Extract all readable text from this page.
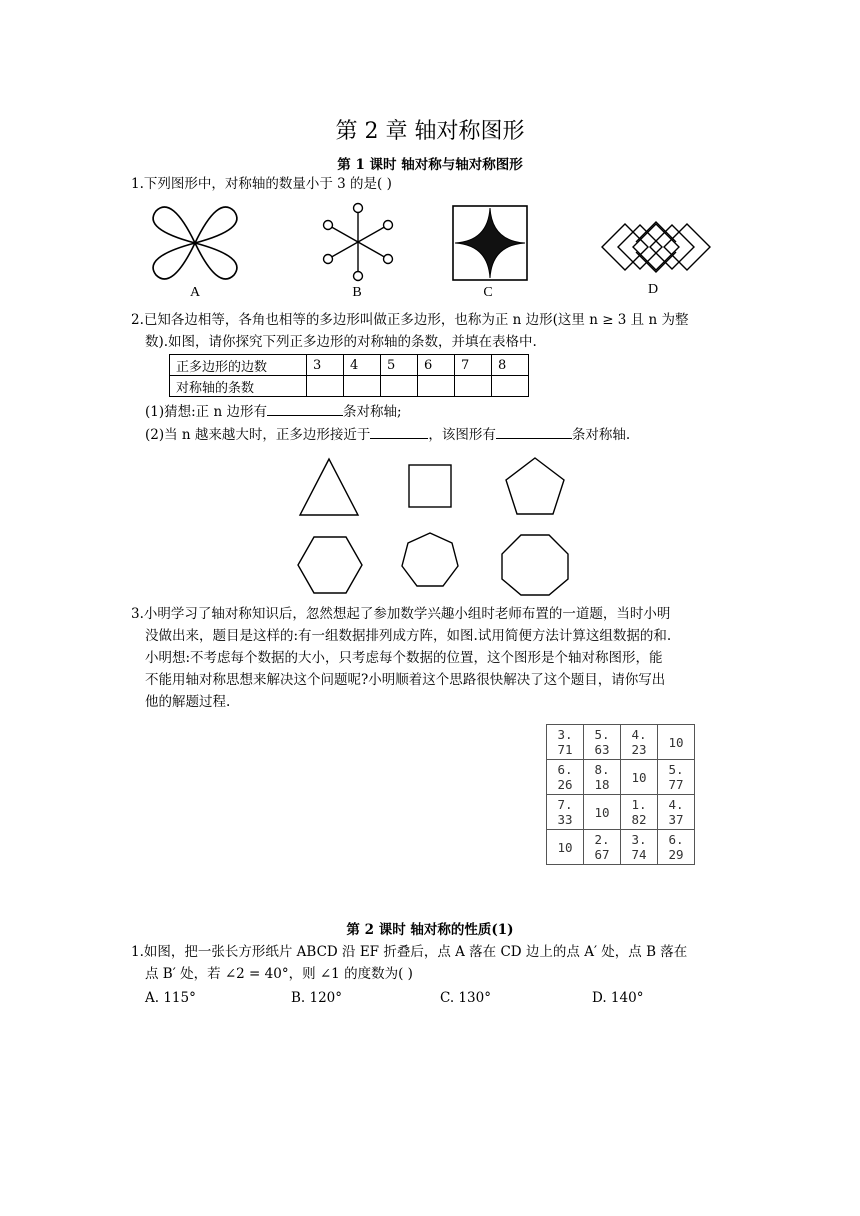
第 2 章 轴对称图形
第 1 课时 轴对称与轴对称图形
1.下列图形中，对称轴的数量小于 3 的是( )
A	B	C	D
2.已知各边相等，各角也相等的多边形叫做正多边形，也称为正 n 边形(这里 n ≥ 3 且 n 为整
数).如图，请你探究下列正多边形的对称轴的条数，并填在表格中.
正多边形的边数	3	4	5	6	7	8
对称轴的条数						
(1)猜想:正 n 边形有	条对称轴;
(2)当 n 越来越大时，正多边形接近于	，该图形有	条对称轴.
3.小明学习了轴对称知识后，忽然想起了参加数学兴趣小组时老师布置的一道题，当时小明
没做出来，题目是这样的:有一组数据排列成方阵，如图.试用简便方法计算这组数据的和.
小明想:不考虑每个数据的大小，只考虑每个数据的位置，这个图形是个轴对称图形，能
不能用轴对称思想来解决这个问题呢?小明顺着这个思路很快解决了这个题目，请你写出
他的解题过程.
3. 71	5. 63	4. 23	10
6. 26	8. 18	10	5. 77
7. 33	10	1. 82	4. 37
10	2. 67	3. 74	6. 29
第 2 课时 轴对称的性质(1)
1.如图，把一张长方形纸片 ABCD 沿 EF 折叠后，点 A 落在 CD 边上的点 A′ 处，点 B 落在
点 B′ 处，若 ∠2 = 40°，则 ∠1 的度数为( )
A. 115°	B. 120°	C. 130°	D. 140°
